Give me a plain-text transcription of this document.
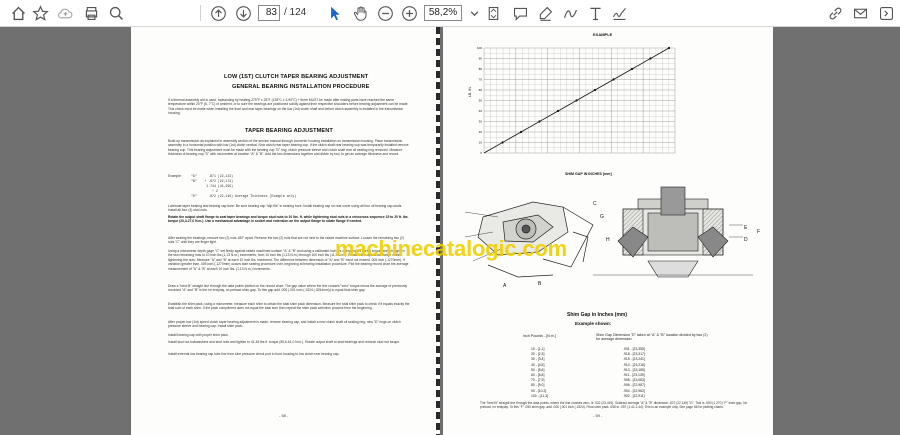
83 / 124	58,2%
LOW (1ST) CLUTCH TAPER BEARING ADJUSTMENT
GENERAL BEARING INSTALLATION PROCEDURE
If a thermal assembly aid is used, topbanding by heating 275°F ± 25°F (135°C ± 3.90°C) + there MUST be made after mating parts have reached the same temperature within 20°F (6, 7°C) of ambient, or to sure the bearings are positioned solidly against their respective shoulders before bearing adjustment can be made. This check must be made when installing the front and rear taper bearings on the low (1st) clutch shaft and before clutch assembly is installed in the transmission housing.
TAPER BEARING ADJUSTMENT
Build up transmission as explained in assembly section of the service manual through converter housing installation on transmission housing. Place transmission assembly in a horizontal position with low (1st) clutch vertical. Now clutch rear taper bearing cup. If the clutch shaft rear bearing cup was temporarily installed remove bearing cup. This bearing adjustment must be made with the bearing cup "D" ring, clutch pressure sleeve and clutch shaft rear oil sealing ring removed. Measure thickness of bearing cup "D" with micrometer at location "A" & "B". Add the two dimensions together and divide by two, to get an average thickness and record.
Example:	"A"      .871 (22,123)
"B"    + .872 (22,174)
1.744 (44,299)
÷ 2
"D"      .872 (22,149) Average Thickness (Example only)
Lubricate taper bearing and bearing cap bore. Be sure bearing cap "slip fits" in bearing bore. Install bearing cap on rear cover using all four oil bearing cap studs. Install all four (4) stud nuts.
Rotate the output shaft flange to seat taper bearings and torque stud nuts to 10 lbs. ft. while tightening stud nuts in a crisscross sequence 15 to 20 ft. lbs. torque (20,3-27,0 N.m.). Use a mechanical advantage in socket and extension on the output flange to rotate flange if needed.
After seating the bearings, remove two (2) nuts 180° apart. Remove the two (2) nuts that are not next to the raised machine surface. Loosen the remaining two (2) nuts "C" until they are finger tight.
Using a micrometer depth gage "C" set firmly against raised machined surface "A" & "B" and using a calibrated inch lbs or equivalent metric torque wrench, tighten the two remaining nuts to 10 inch lbs (1,13 N.m.) increments, from 10 inch lbs (1,13 N.m.) through 100 inch lbs (11,3 N.m.). Rotate the output shaft flange while tightening the nuts. Measure "A" and "B" at each 10 inch lbs. increment. The difference between dimension of "A" and "B" must not exceed .005 inch (.1270mm). If variation greater than .005 inch (.1270mm) occurs start seating procedure over, beginning at bearing installation procedure. Plot the bearing record chart the average measurement of "A" & "B" at each 10 inch lbs. (1,13 N.m.) increments.
Draw a "best fit" straight line through the data points plotted on the record chart. The gap value where the line crosses "zero" torque minus the average of previously recorded "A" and "B" is the no endplay, no preload shim gap. To this gap add .005 (.001 inch (.1524 (.0254mm)) to equal final shim gap.
Establish the shim pack, using a micrometer, measure each shim to obtain the total shim pack dimension. Measure the total shim pack to check if it equals exactly the total sum of each shim. If the pack compilment does not equal the total sum then repeat the shim pack selection process from the beginning.
After proper low (1st) speed clutch taper bearing adjustment is made, remove bearing cap, and install a new clutch shaft oil sealing ring, new "D" rings on clutch pressure sleeve and bearing cap. Install shim pack.
Install bearing cap with proper shim pack.
Install stud nut lockwashers and stud nuts and tighten to 41-45 lbs ft. torque (55,6-61,0 N.m.). Rotate output shaft to seat bearings and recheck stud nut torque.
Install external low bearing cap lube line from lube pressure check port in front housing to low clutch rear bearing cap.
- 58 -
EXAMPLE
LB. IN.
100
90
80
70
60
50
40
30
20
10
0
SHIM GAP IN INCHES [mm]
C
G
H
E
F
D
A	B
Shim Gap in Inches (mm)
Example shown:
Inch Pounds - [N.m.]	Shim Gap Dimension "E" taken at "A" & "B" location divided by two (2) for average dimension.
10 - [1,1]	.931 - [23,355]
20 - [2,3]	.918 - [23,317]
30 - [3,4]	.915 - [23,241]
40 - [4,5]	.914 - [23,216]
50 - [5,6]	.913 - [23,185]
60 - [6,8]	.911 - [23,139]
70 - [7,9]	.908 - [23,063]
80 - [9,0]	.906 - [22,987]
90 - [10,2]	.904 - [22,962]
100 - [11,3]	.902 - [22,911]
The "best fit" straight line through the data points, where the line crosses zero, is .922 (23,419). Subtract average "A" & "B" dimension .872 (22,149) "D". This is .050 (1,270) "F" shim gap. No preload, no endplay. To this "F" .050 shim gap, add .006 (.001 inch (.1524). Final shim pack .056 to .057 (1,42-1,44). This is an example only. See page 66 for plotting charts.
- 59 -
machinecatalogic.com
